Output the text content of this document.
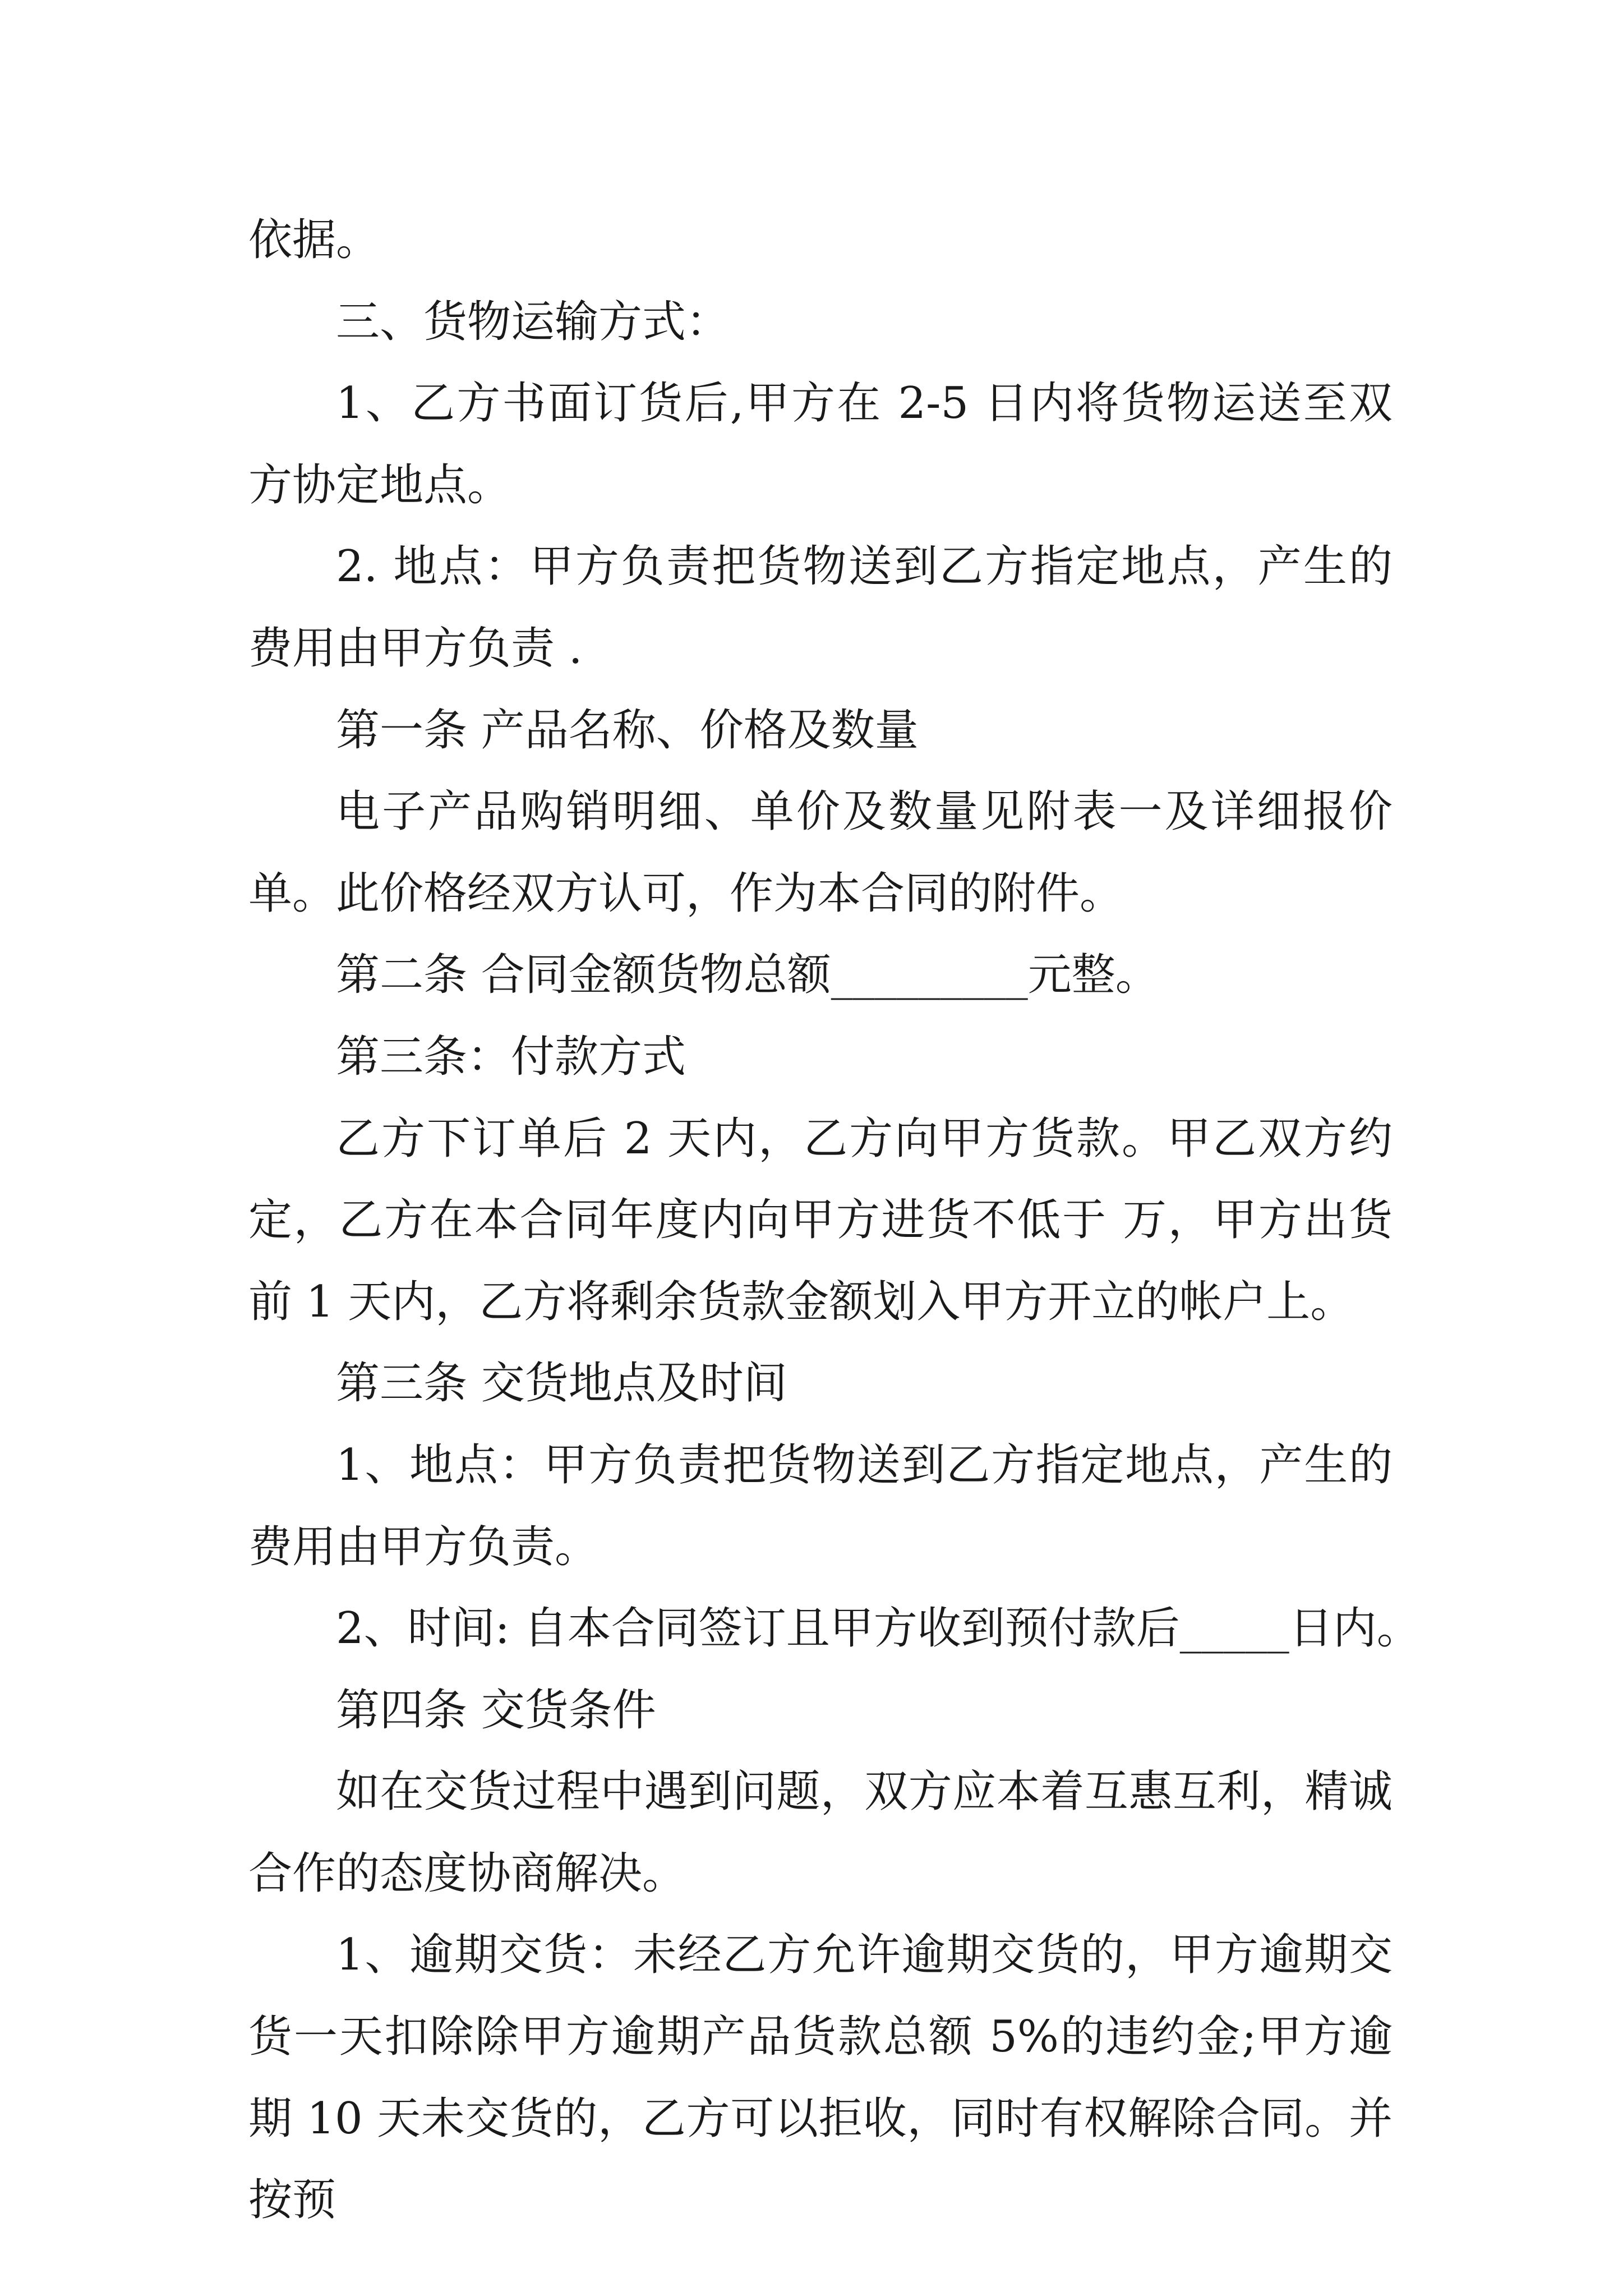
依据。

三、货物运输方式：

1、乙方书面订货后,甲方在 2-5 日内将货物运送至双方协定地点。

2. 地点：甲方负责把货物送到乙方指定地点，产生的费用由甲方负责 .

第一条 产品名称、价格及数量

电子产品购销明细、单价及数量见附表一及详细报价单。此价格经双方认可，作为本合同的附件。

第二条 合同金额货物总额_________元整。

第三条：付款方式

乙方下订单后 2 天内，乙方向甲方货款。甲乙双方约定，乙方在本合同年度内向甲方进货不低于 万，甲方出货前 1 天内，乙方将剩余货款金额划入甲方开立的帐户上。

第三条 交货地点及时间

1、地点：甲方负责把货物送到乙方指定地点，产生的费用由甲方负责。

2、时间: 自本合同签订且甲方收到预付款后_____日内。

第四条 交货条件

如在交货过程中遇到问题，双方应本着互惠互利，精诚合作的态度协商解决。

1、逾期交货：未经乙方允许逾期交货的，甲方逾期交货一天扣除除甲方逾期产品货款总额 5%的违约金;甲方逾期 10 天未交货的，乙方可以拒收，同时有权解除合同。并按预
